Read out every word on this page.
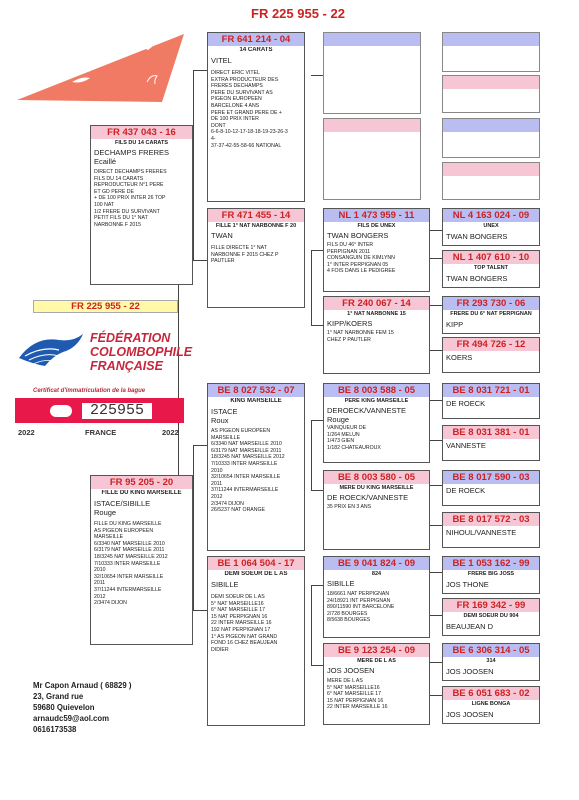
FR 225 955 - 22
FR 437 043 - 16
FILS DU 14 CARATS
DECHAMPS FRERES
Ecaillé
DIRECT DECHAMPS FRERES
FILS DU 14 CARATS
REPRODUCTEUR N°1 PERE
ET GD PERE DE
+ DE 100 PRIX INTER 26 TOP
100 NAT
1/2 FRERE DU SURVIVANT
PETIT FILS DU 1° NAT
NARBONNE F 2015
FR 225 955 - 22
FÉDÉRATION
COLOMBOPHILE
FRANÇAISE
Certificat d'immatriculation de la bague
225955
2022	FRANCE	2022
FR 95 205 - 20
FILLE DU KING MARSEILLE
ISTACE/SIBILLE
Rouge
FILLE DU KING MARSEILLE
AS PIGEON EUROPEEN
MARSEILLE
6/3340 NAT MARSEILLE 2010
6/3179 NAT MARSEILLE 2011
18/3245 NAT MARSEILLE 2012
7/10333 INTER MARSEILLE
2010
32/10654 INTER MARSEILLE
2011
37/11244 INTERMARSEILLE
2012
2/3474 DIJON
Mr Capon Arnaud ( 68829 )
23, Grand rue
59680 Quievelon
arnaudc59@aol.com
0616173538
FR 641 214 - 04
14 CARATS
VITEL
DIRECT ERIC VITEL
EXTRA PRODUCTEUR DES
FRERES DECHAMPS
PERE DU SURVIVANT AS
PIGEON EUROPEEN
BARCELONE 4 ANS
PERE ET GRAND PERE DE +
DE 100 PRIX INTER
DONT
6-6-8-10-12-17-18-18-19-23-26-3
4-
37-37-42-55-58-66 NATIONAL
FR 471 455 - 14
FILLE 1° NAT NARBONNE F 20
TWAN
FILLE DIRECTE 1° NAT
NARBONNE F 2015 CHEZ P
PAUTLER
BE 8 027 532 - 07
KING MARSEILLE
ISTACE
Roux
AS PIGEON EUROPEEN
MARSEILLE
6/3340 NAT MARSEILLE 2010
6/3179 NAT MARSEILLE 2011
18/3245 NAT MARSEILLE 2012
7/10333 INTER MARSEILLE
2010
32/10654 INTER MARSEILLE
2011
37/11244 INTERMARSEILLE
2012
2/3474 DIJON
26/5237 NAT ORANGE
BE 1 064 504 - 17
DEMI SOEUR DE L AS
SIBILLE
DEMI SOEUR DE L AS
5° NAT MARSEILLE16
6° NAT MARSEILLE 17
15 NAT PERPIGNAN 16
22 INTER MARSEILLE 16
192 NAT PERPIGNAN 17
1° AS PIGEON NAT GRAND
FOND 16 CHEZ BEAUJEAN
DIDIER
NL 1 473 959 - 11
FILS DE UNEX
TWAN BONGERS
FILS DU 46° INTER
PERPIGNAN 2011
CONSANGUIN DE KIMLYNN
1° INTER PERPIGNAN 05
4 FOIS DANS LE PEDIGREE
FR 240 067 - 14
1° NAT NARBONNE 15
KIPP/KOERS
1° NAT NARBONNE FEM 15
CHEZ P PAUTLER
BE 8 003 588 - 05
PERE KING MARSEILLE
DEROECK/VANNESTE
Rouge
VAINQUEUR DE
1/264 MELUN
1/473 GIEN
1/182 CHATEAUROUX
BE 8 003 580 - 05
MERE DU KING MARSEILLE
DE ROECK/VANNESTE
35 PRIX EN 3 ANS
BE 9 041 824 - 09
824
SIBILLE
18/6661 NAT PERPIGNAN
24/18921 INT PERPIGNAN
890/11590 INT BARCELONE
2/728 BOURGES
8/5638 BOURGES
BE 9 123 254 - 09
MERE DE L AS
JOS JOOSEN
MERE DE L AS
5° NAT MARSEILLE16
6° NAT MARSEILLE 17
15 NAT PERPIGNAN 16
22 INTER MARSEILLE 16
NL 4 163 024 - 09
UNEX
TWAN BONGERS
NL 1 407 610 - 10
TOP TALENT
TWAN BONGERS
FR 293 730 - 06
FRERE DU 6° NAT PERPIGNAN
KIPP
FR 494 726 - 12
KOERS
BE 8 031 721 - 01
DE ROECK
BE 8 031 381 - 01
VANNESTE
BE 8 017 590 - 03
DE ROECK
BE 8 017 572 - 03
NIHOUL/VANNESTE
BE 1 053 162 - 99
FRERE BIG JOSS
JOS THONE
FR 169 342 - 99
DEMI SOEUR DU 904
BEAUJEAN D
BE 6 306 314 - 05
314
JOS JOOSEN
BE 6 051 683 - 02
LIGNE BONGA
JOS JOOSEN
